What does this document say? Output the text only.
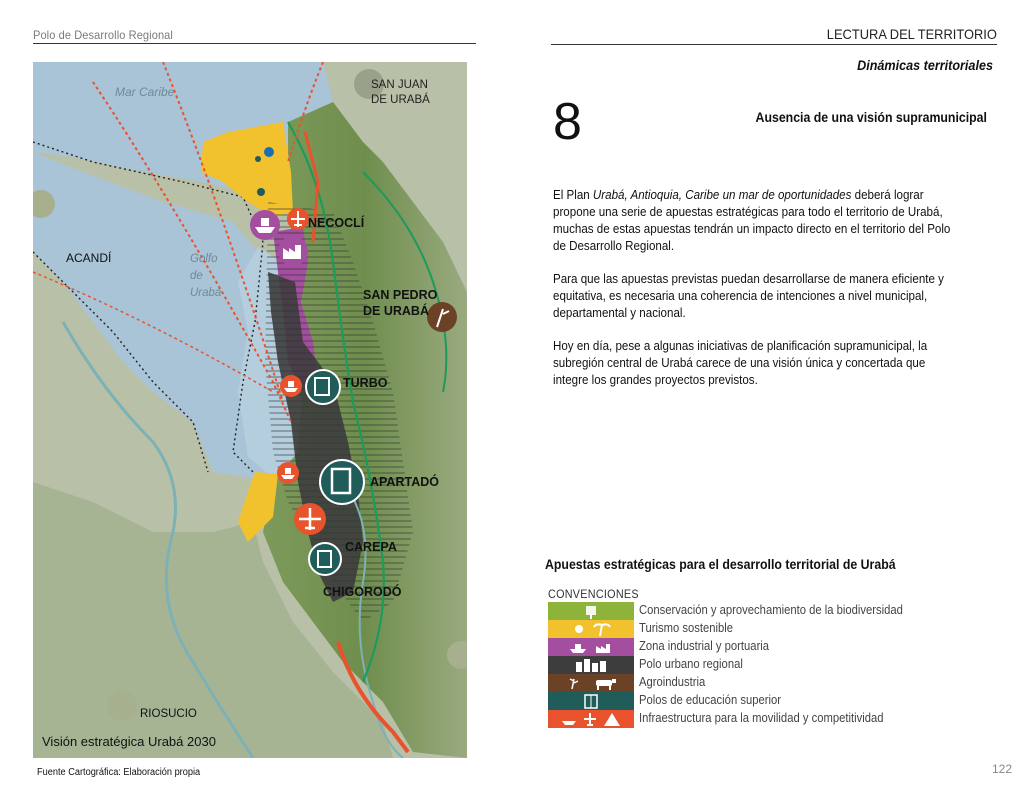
Polo de Desarrollo Regional	LECTURA DEL TERRITORIO
Dinámicas territoriales
8	Ausencia de una visión supramunicipal

El Plan Urabá, Antioquia, Caribe un mar de oportunidades deberá lograr propone una serie de apuestas estratégicas para todo el territorio de Urabá, muchas de estas apuestas tendrán un impacto directo en el territorio del Polo de Desarrollo Regional.

Para que las apuestas previstas puedan desarrollarse de manera eficiente y equitativa, es necesaria una coherencia de intenciones a nivel municipal, departamental y nacional.

Hoy en día, pese a algunas iniciativas de planificación supramunicipal, la subregión central de Urabá carece de una visión única y concertada que integre los grandes proyectos previstos.

Apuestas estratégicas para el desarrollo territorial de Urabá
CONVENCIONES
Conservación y aprovechamiento de la biodiversidad
Turismo sostenible
Zona industrial y portuaria
Polo urbano regional
Agroindustria
Polos de educación superior
Infraestructura para la movilidad y competitividad
Mar Caribe
Golfo
de
Urabá
SAN JUAN
DE URABÁ
NECOCLÍ
ACANDÍ
SAN PEDRO
DE URABÁ
TURBO
APARTADÓ
CAREPA
CHIGORODÓ
RIOSUCIO
Visión estratégica Urabá 2030
Fuente Cartográfica: Elaboración propia	122
